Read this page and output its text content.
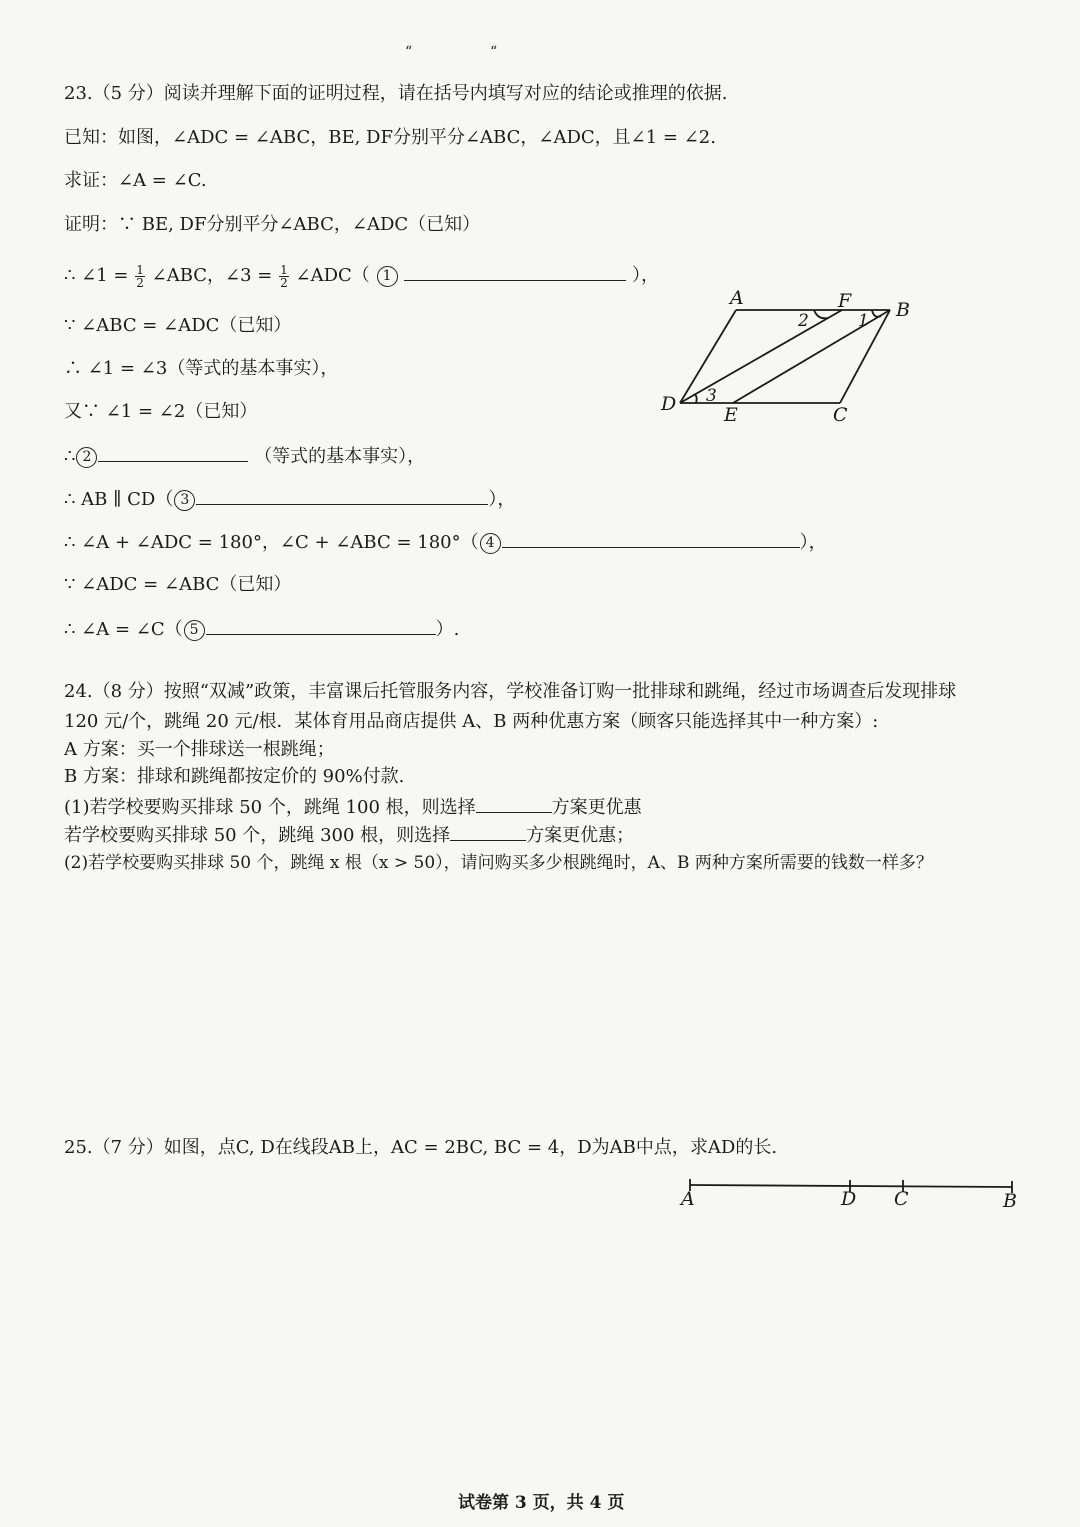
“	“
23.（5 分）阅读并理解下面的证明过程，请在括号内填写对应的结论或推理的依据.
已知：如图，∠ADC = ∠ABC，BE, DF分别平分∠ABC，∠ADC，且∠1 = ∠2.
求证：∠A = ∠C.
证明：∵ BE, DF分别平分∠ABC，∠ADC（已知）
∴ ∠1 = $\frac{1}{2}$ ∠ABC，∠3 = $\frac{1}{2}$ ∠ADC（ 1	），
∵ ∠ABC = ∠ADC（已知）
∴ ∠1 = ∠3（等式的基本事实），
又∵ ∠1 = ∠2（已知）
∴ 2	（等式的基本事实），
∴ AB ∥ CD（ 3	），
∴ ∠A + ∠ADC = 180°，∠C + ∠ABC = 180°（ 4	），
∵ ∠ADC = ∠ABC（已知）
∴ ∠A = ∠C（ 5	）.
A	F B
D	E	C
2	1
3
24.（8 分）按照“双减”政策，丰富课后托管服务内容，学校准备订购一批排球和跳绳，经过市场调查后发现排球
120 元/个，跳绳 20 元/根．某体育用品商店提供 A、B 两种优惠方案（顾客只能选择其中一种方案）:
A 方案：买一个排球送一根跳绳；
B 方案：排球和跳绳都按定价的 90%付款.
(1)若学校要购买排球 50 个，跳绳 100 根，则选择	方案更优惠
若学校要购买排球 50 个，跳绳 300 根，则选择	方案更优惠；
(2)若学校要购买排球 50 个，跳绳 x 根（x > 50），请问购买多少根跳绳时，A、B 两种方案所需要的钱数一样多？
25.（7 分）如图，点C, D在线段AB上，AC = 2BC, BC = 4，D为AB中点，求AD的长.
A	D C	B
试卷第 3 页，共 4 页
